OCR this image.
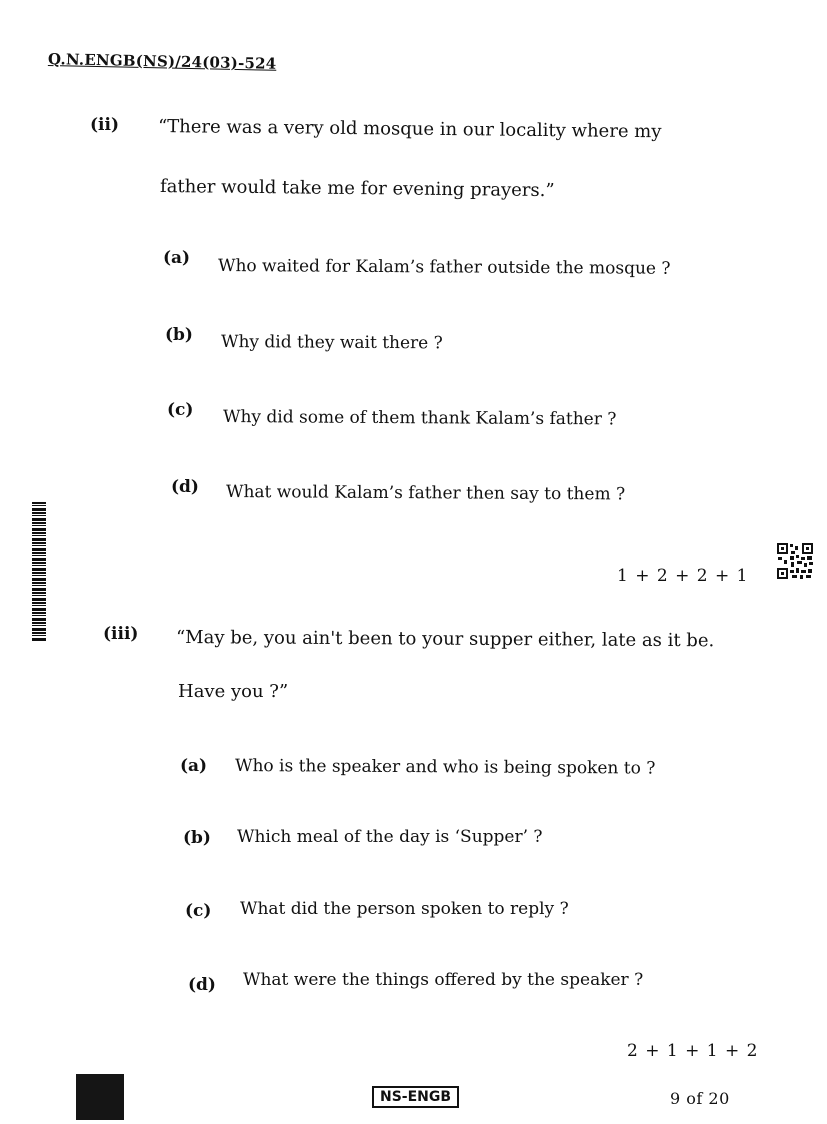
Q.N.ENGB(NS)/24(03)-524
(ii) “There was a very old mosque in our locality where my
father would take me for evening prayers.”
(a) Who waited for Kalam’s father outside the mosque ?
(b) Why did they wait there ?
(c) Why did some of them thank Kalam’s father ?
(d) What would Kalam’s father then say to them ?
1 + 2 + 2 + 1
(iii) “May be, you ain't been to your supper either, late as it be.
Have you ?”
(a) Who is the speaker and who is being spoken to ?
(b) Which meal of the day is ‘Supper’ ?
(c) What did the person spoken to reply ?
(d) What were the things offered by the speaker ?
2 + 1 + 1 + 2
NS-ENGB	9 of 20
